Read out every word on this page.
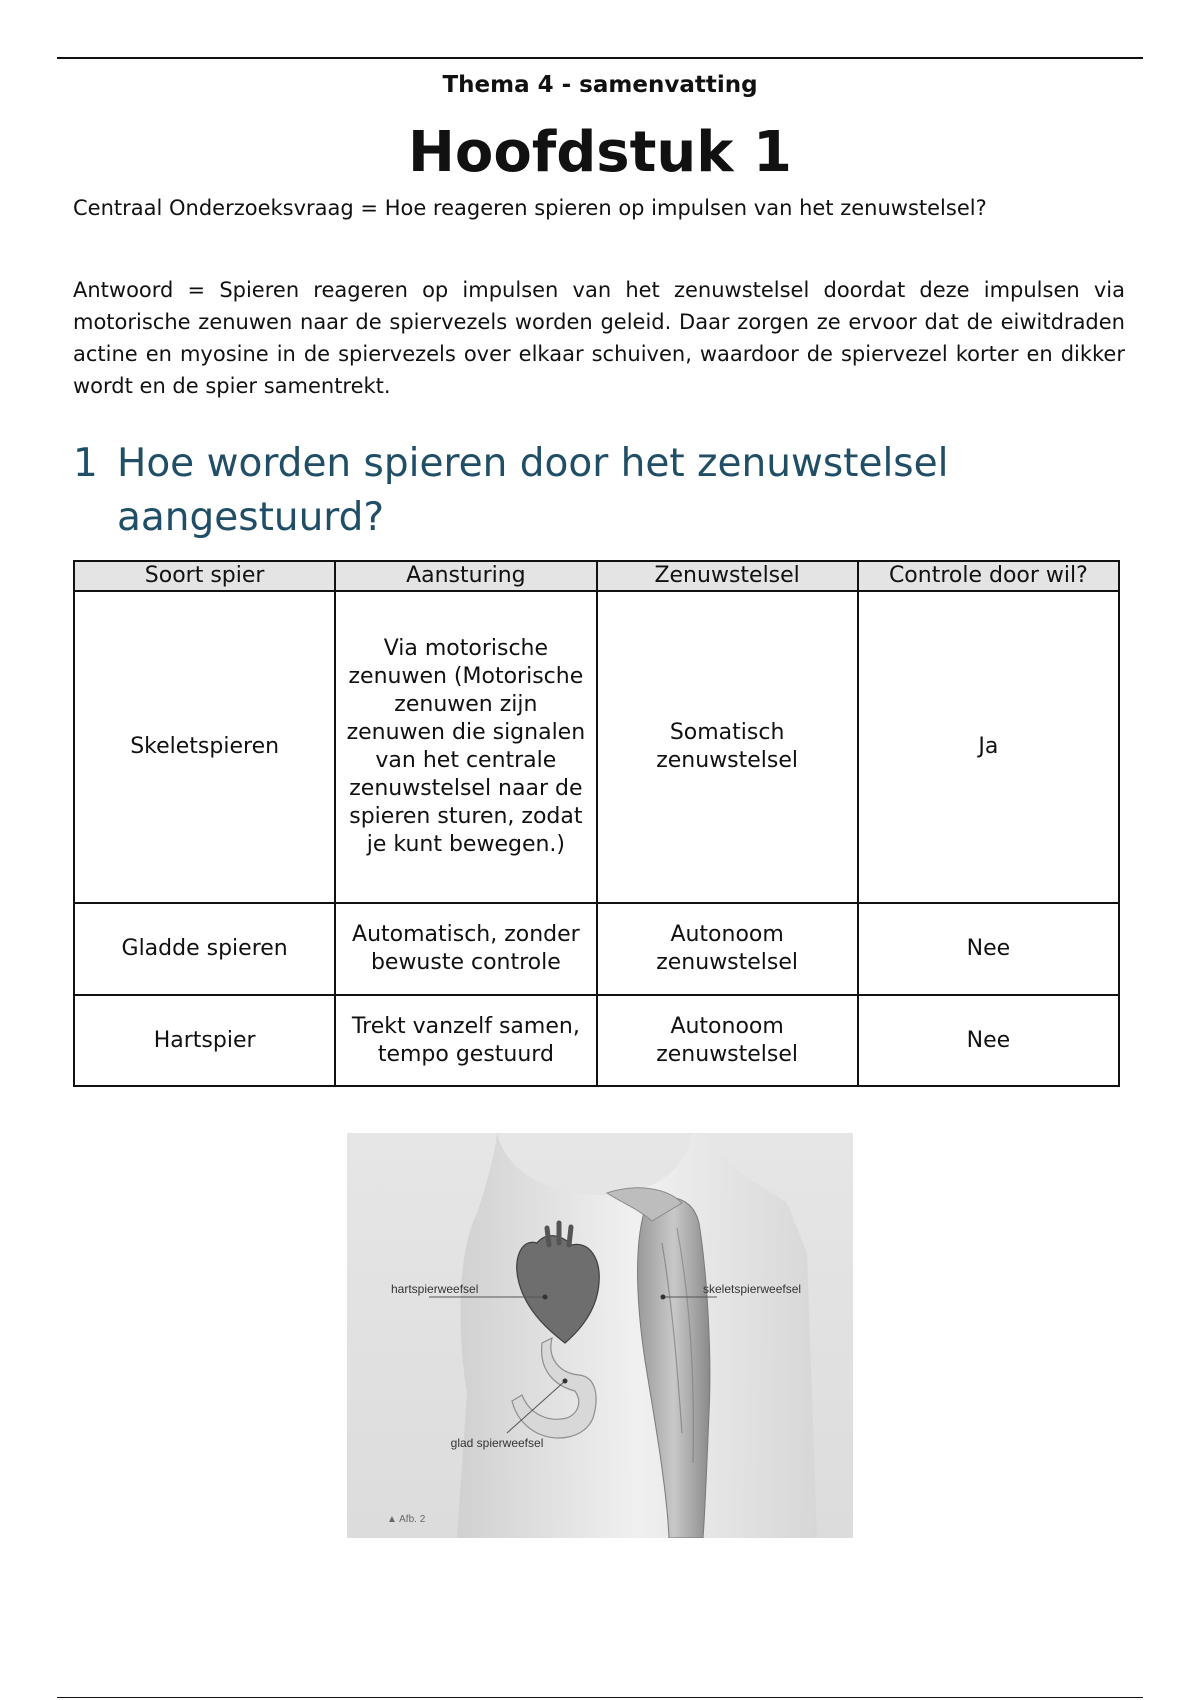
Thema 4 - samenvatting
Hoofdstuk 1

Centraal Onderzoeksvraag = Hoe reageren spieren op impulsen van het zenuwstelsel?

Antwoord = Spieren reageren op impulsen van het zenuwstelsel doordat deze impulsen via motorische zenuwen naar de spiervezels worden geleid. Daar zorgen ze ervoor dat de eiwitdraden actine en myosine in de spiervezels over elkaar schuiven, waardoor de spiervezel korter en dikker wordt en de spier samentrekt.

1 Hoe worden spieren door het zenuwstelsel aangestuurd?
Soort spier	Aansturing	Zenuwstelsel	Controle door wil?
Skeletspieren	Via motorische zenuwen (Motorische zenuwen zijn zenuwen die signalen van het centrale zenuwstelsel naar de spieren sturen, zodat je kunt bewegen.)	Somatisch zenuwstelsel	Ja
Gladde spieren	Automatisch, zonder bewuste controle	Autonoom zenuwstelsel	Nee
Hartspier	Trekt vanzelf samen, tempo gestuurd	Autonoom zenuwstelsel	Nee
hartspierweefsel	skeletspierweefsel
glad spierweefsel
▲ Afb. 2
